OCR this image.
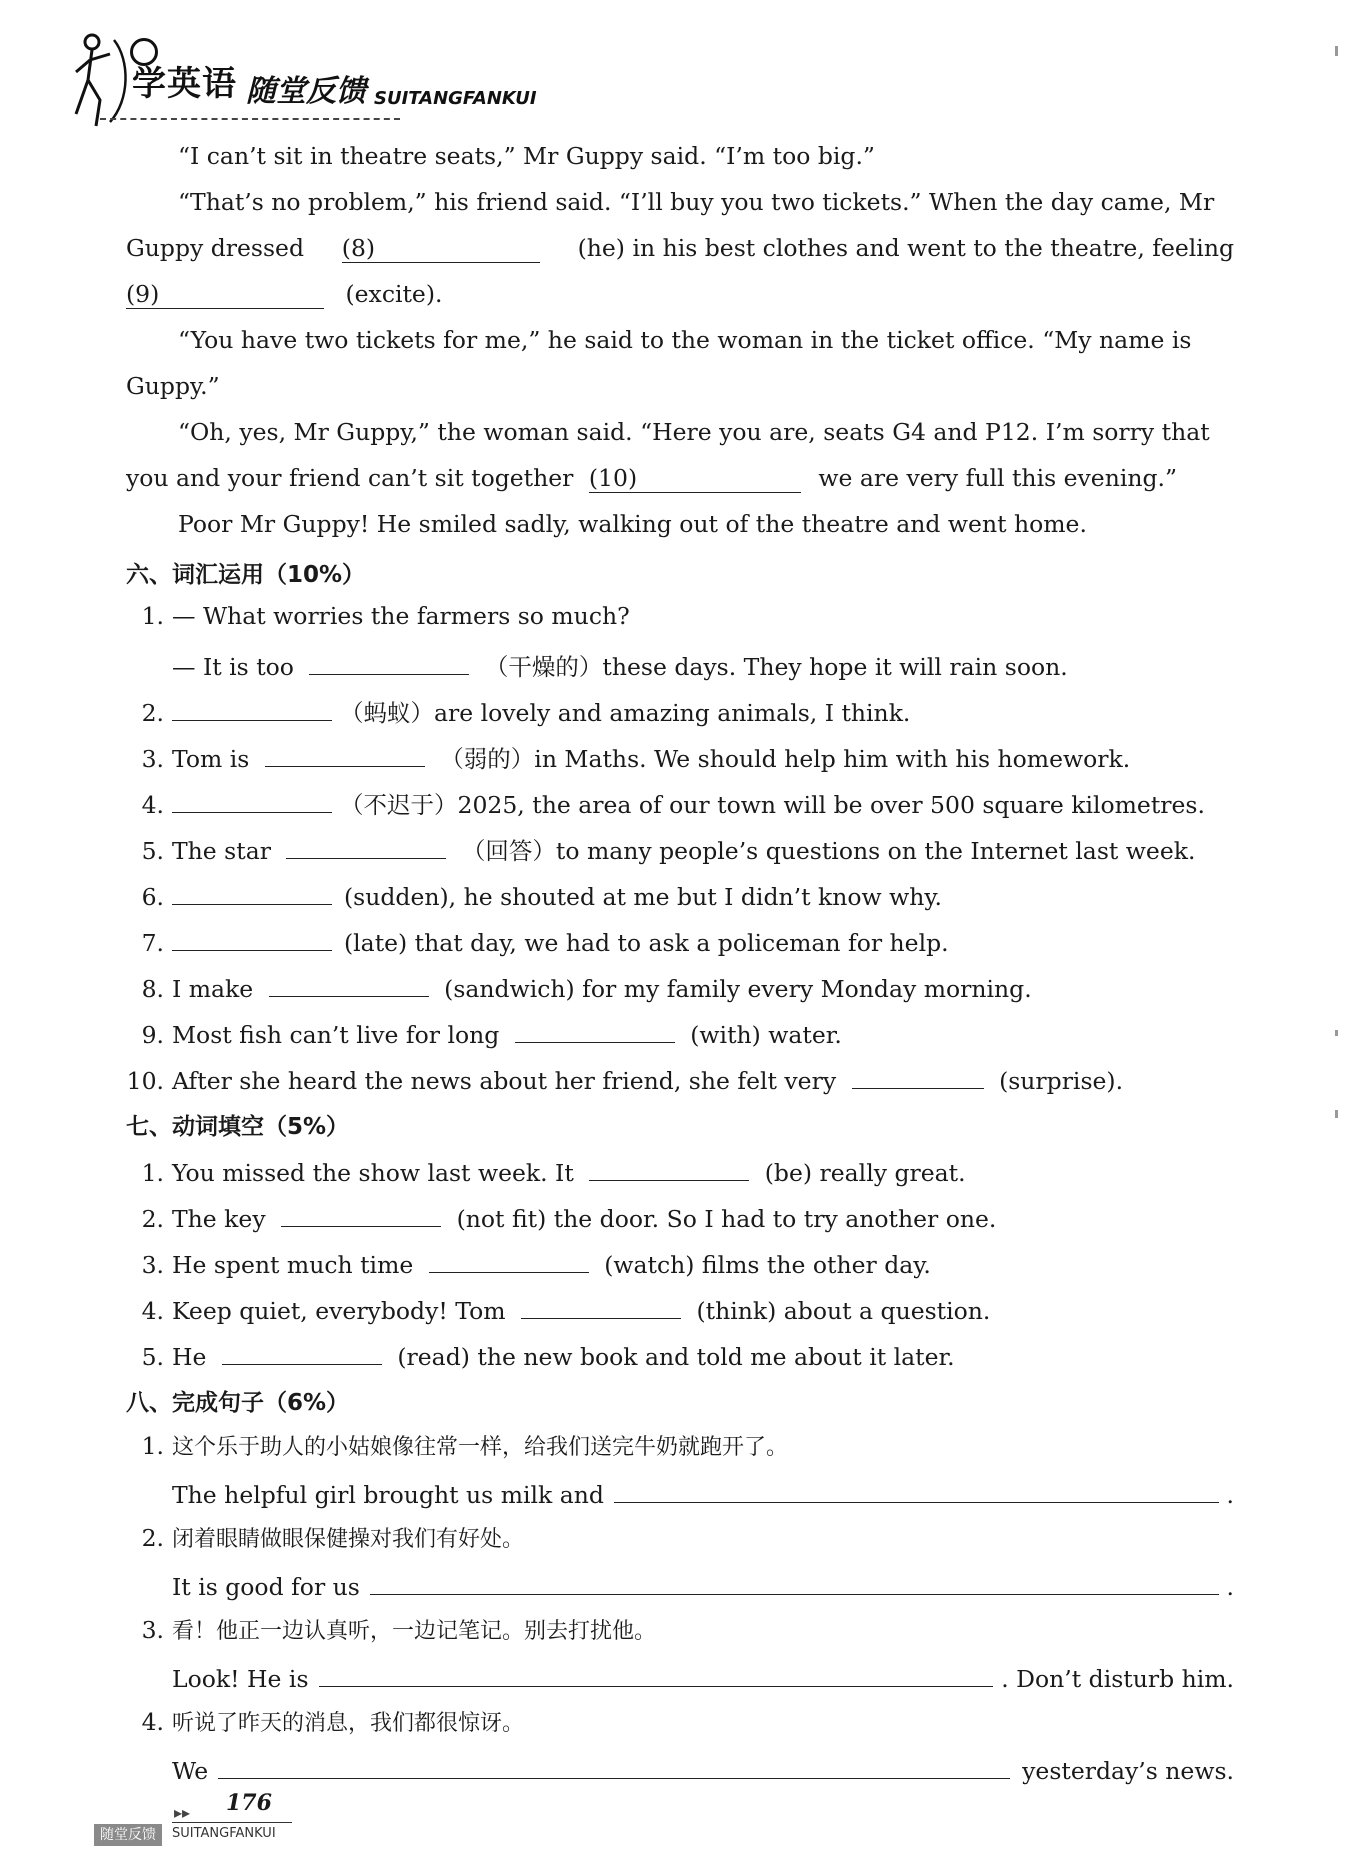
学英语 随堂反馈 SUITANGFANKUI
“I can’t sit in theatre seats,” Mr Guppy said. “I’m too big.”
“That’s no problem,” his friend said. “I’ll buy you two tickets.” When the day came, Mr
Guppy dressed (8)	(he) in his best clothes and went to the theatre, feeling
(9)	(excite).
“You have two tickets for me,” he said to the woman in the ticket office. “My name is
Guppy.”
“Oh, yes, Mr Guppy,” the woman said. “Here you are, seats G4 and P12. I’m sorry that
you and your friend can’t sit together (10)	we are very full this evening.”
Poor Mr Guppy! He smiled sadly, walking out of the theatre and went home.
六、词汇运用（10%）
1. — What worries the farmers so much?
— It is too	（干燥的）these days. They hope it will rain soon.
2.	（蚂蚁）are lovely and amazing animals, I think.
3. Tom is	（弱的）in Maths. We should help him with his homework.
4.	（不迟于）2025, the area of our town will be over 500 square kilometres.
5. The star	（回答）to many people’s questions on the Internet last week.
6.	(sudden), he shouted at me but I didn’t know why.
7.	(late) that day, we had to ask a policeman for help.
8. I make	(sandwich) for my family every Monday morning.
9. Most fish can’t live for long	(with) water.
10. After she heard the news about her friend, she felt very	(surprise).
七、动词填空（5%）
1. You missed the show last week. It	(be) really great.
2. The key	(not fit) the door. So I had to try another one.
3. He spent much time	(watch) films the other day.
4. Keep quiet, everybody! Tom	(think) about a question.
5. He	(read) the new book and told me about it later.
八、完成句子（6%）
1. 这个乐于助人的小姑娘像往常一样，给我们送完牛奶就跑开了。
The helpful girl brought us milk and	.
2. 闭着眼睛做眼保健操对我们有好处。
It is good for us	.
3. 看！他正一边认真听，一边记笔记。别去打扰他。
Look! He is	. Don’t disturb him.
4. 听说了昨天的消息，我们都很惊讶。
We	yesterday’s news.
▸▸ 176
随堂反馈	SUITANGFANKUI
